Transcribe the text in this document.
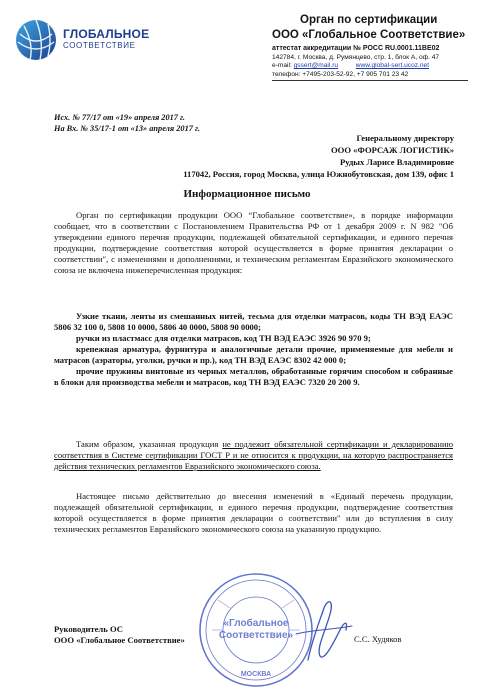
ГЛОБАЛЬНОЕ
СООТВЕТСТВИЕ
Орган по сертификации
ООО «Глобальное Соответствие»
аттестат аккредитации № РОСС RU.0001.11ВЕ02
142784, г. Москва, д. Румянцево, стр. 1, блок А, оф. 47
e-mail: gssert@mail.ru	www.global-sert.ucoz.net
телефон: +7495-203-52-92, +7 905 701 23 42
Исх. № 77/17 от «19» апреля 2017 г.
На Вх. № 35/17-1 от «13» апреля 2017 г.
Генеральному директору
ООО «ФОРСАЖ ЛОГИСТИК»
Рудых Ларисе Владимировне
117042, Россия, город Москва, улица Южнобутовская, дом 139, офис 1
Информационное письмо
Орган по сертификации продукции ООО “Глобальное соответствие», в порядке информации сообщает, что в соответствии с Постановлением Правительства РФ от 1 декабря 2009 г. N 982 "Об утверждении единого перечня продукции, подлежащей обязательной сертификации, и единого перечня продукции, подтверждение соответствия которой осуществляется в форме принятия декларации о соответствии", с изменениями и дополнениями, и техническим регламентам Евразийского экономического союза не включена нижеперечисленная продукция:
Узкие ткани, ленты из смешанных нитей, тесьма для отделки матрасов, коды ТН ВЭД ЕАЭС 5806 32 100 0, 5808 10 0000, 5806 40 0000, 5808 90 0000;
ручки из пластмасс для отделки матрасов, код ТН ВЭД ЕАЭС 3926 90 970 9;
крепежная арматура, фурнитура и аналогичные детали прочие, применяемые для мебели и матрасов (аэраторы, уголки, ручки и пр.), код ТН ВЭД ЕАЭС 8302 42 000 0;
прочие пружины винтовые из черных металлов, обработанные горячим способом и собранные в блоки для производства мебели и матрасов, код ТН ВЭД ЕАЭС 7320 20 200 9.
Таким образом, указанная продукция не подлежит обязательной сертификации и декларированию соответствия в Системе сертификации ГОСТ Р и не относится к продукции, на которую распространяется действия технических регламентов Евразийского экономического союза.
Настоящее письмо действительно до внесения изменений в «Единый перечень продукции, подлежащей обязательной сертификации, и единого перечня продукции, подтверждение соответствия которой осуществляется в форме принятия декларации о соответствии" или до вступления в силу технических регламентов Евразийского экономического союза на указанную продукцию.
«Глобальное
Соответствие»
МОСКВА
Руководитель ОС
ООО «Глобальное Соответствие»	С.С. Худяков
